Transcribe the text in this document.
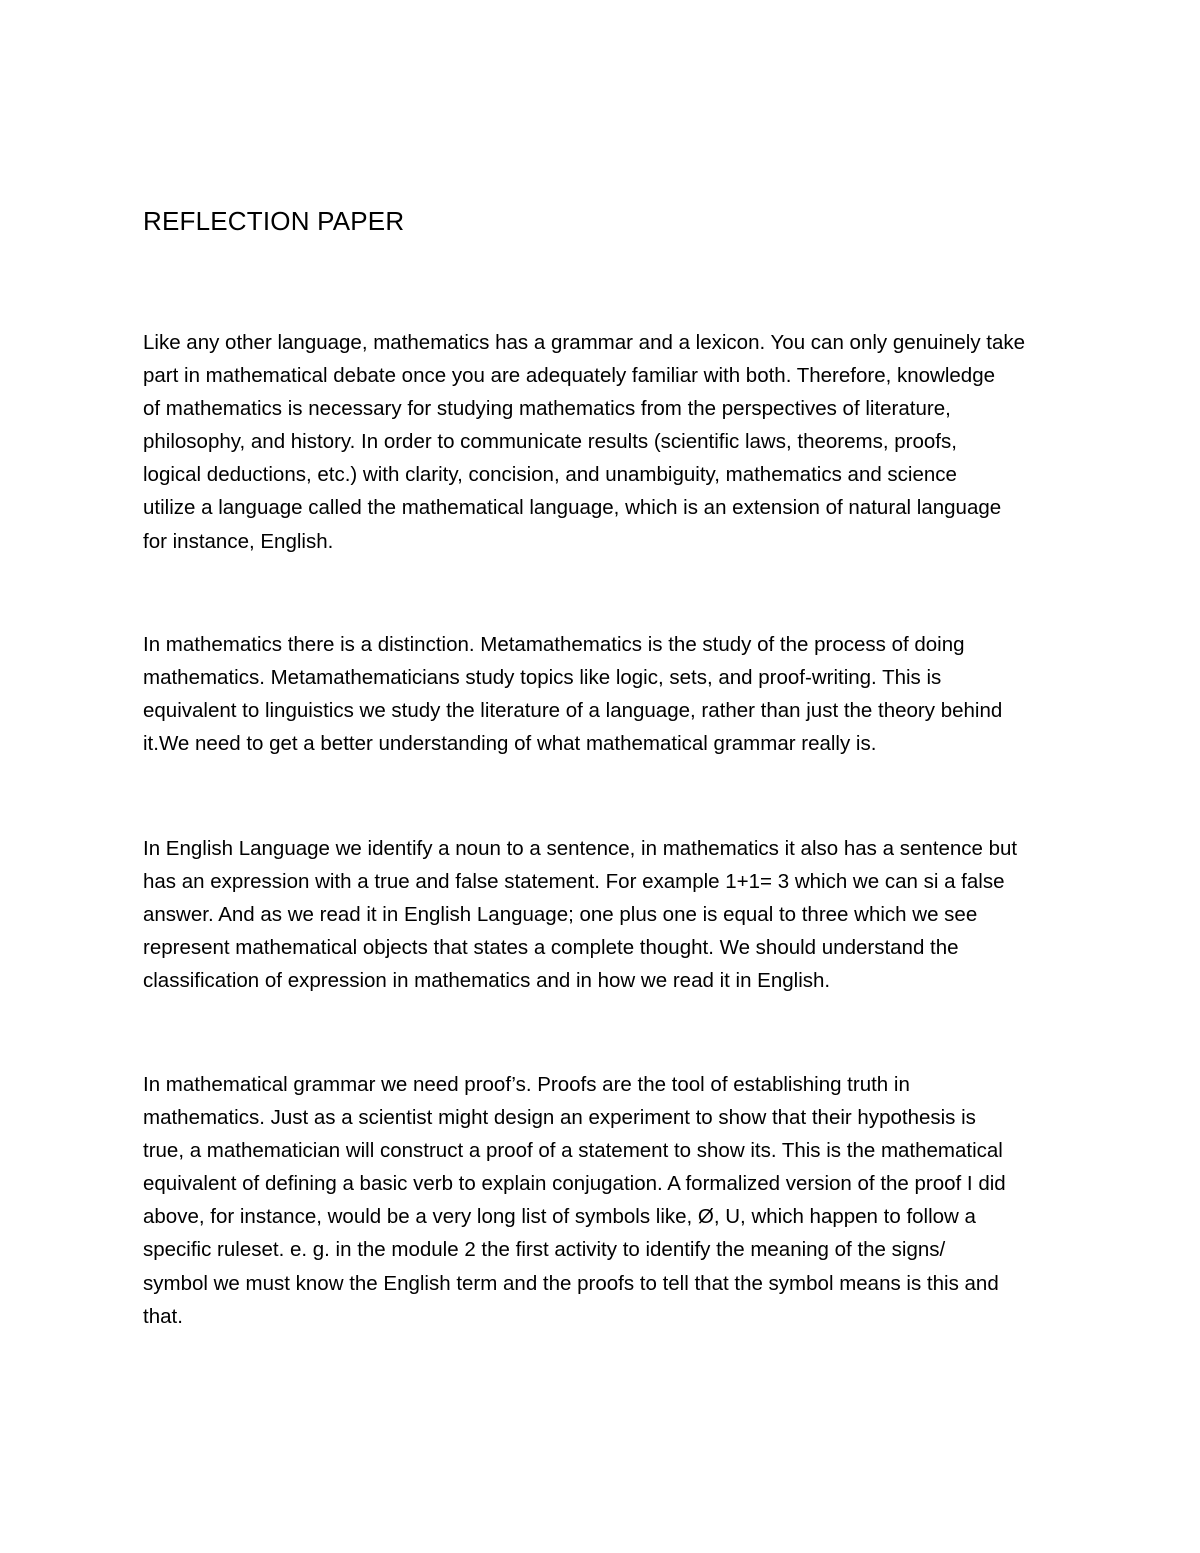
REFLECTION PAPER
Like any other language, mathematics has a grammar and a lexicon. You can only genuinely take
part in mathematical debate once you are adequately familiar with both. Therefore, knowledge
of mathematics is necessary for studying mathematics from the perspectives of literature,
philosophy, and history. In order to communicate results (scientific laws, theorems, proofs,
logical deductions, etc.) with clarity, concision, and unambiguity, mathematics and science
utilize a language called the mathematical language, which is an extension of natural language
for instance, English.
In mathematics there is a distinction. Metamathematics is the study of the process of doing
mathematics. Metamathematicians study topics like logic, sets, and proof-writing. This is
equivalent to linguistics we study the literature of a language, rather than just the theory behind
it.We need to get a better understanding of what mathematical grammar really is.
In English Language we identify a noun to a sentence, in mathematics it also has a sentence but
has an expression with a true and false statement. For example 1+1= 3 which we can si a false
answer. And as we read it in English Language; one plus one is equal to three which we see
represent mathematical objects that states a complete thought. We should understand the
classification of expression in mathematics and in how we read it in English.
In mathematical grammar we need proof’s. Proofs are the tool of establishing truth in
mathematics. Just as a scientist might design an experiment to show that their hypothesis is
true, a mathematician will construct a proof of a statement to show its. This is the mathematical
equivalent of defining a basic verb to explain conjugation. A formalized version of the proof I did
above, for instance, would be a very long list of symbols like, Ø, U, which happen to follow a
specific ruleset. e. g. in the module 2 the first activity to identify the meaning of the signs/
symbol we must know the English term and the proofs to tell that the symbol means is this and
that.
